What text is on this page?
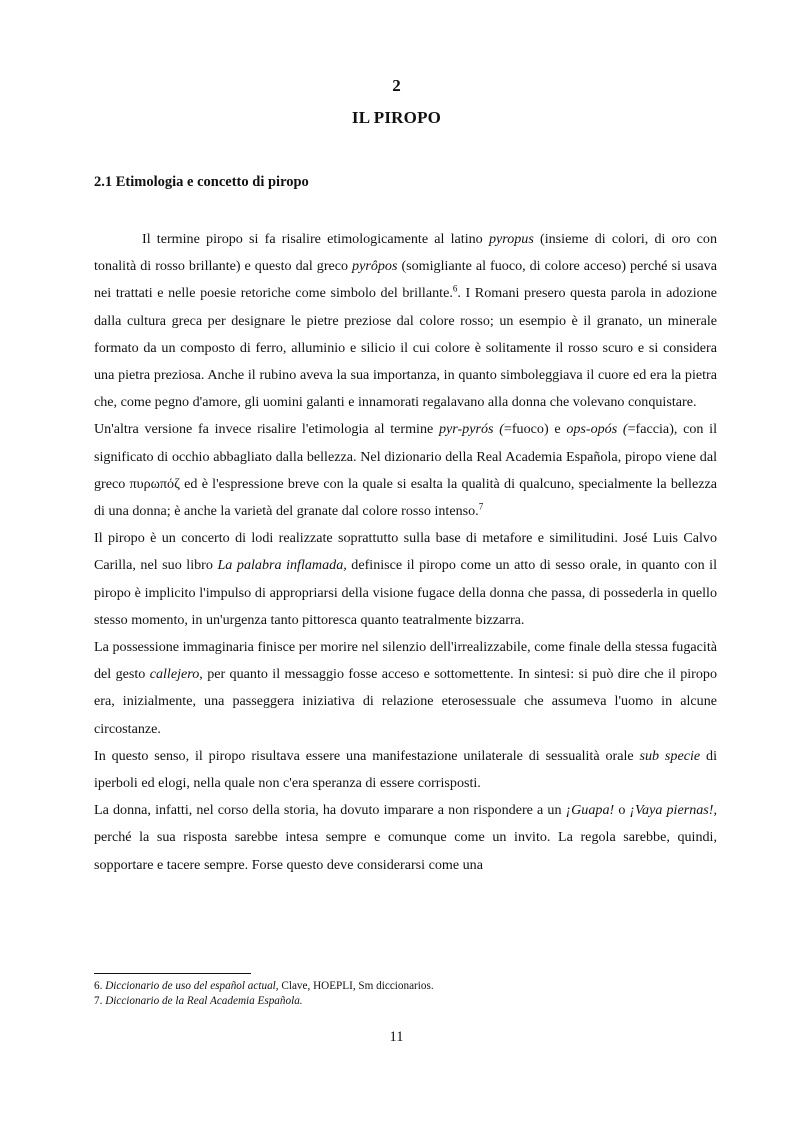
2
IL PIROPO
2.1 Etimologia e concetto di piropo

Il termine piropo si fa risalire etimologicamente al latino pyropus (insieme di colori, di oro con tonalità di rosso brillante) e questo dal greco pyrôpos (somigliante al fuoco, di colore acceso) perché si usava nei trattati e nelle poesie retoriche come simbolo del brillante.$^6$. I Romani presero questa parola in adozione dalla cultura greca per designare le pietre preziose dal colore rosso; un esempio è il granato, un minerale formato da un composto di ferro, alluminio e silicio il cui colore è solitamente il rosso scuro e si considera una pietra preziosa. Anche il rubino aveva la sua importanza, in quanto simboleggiava il cuore ed era la pietra che, come pegno d'amore, gli uomini galanti e innamorati regalavano alla donna che volevano conquistare.

Un'altra versione fa invece risalire l'etimologia al termine pyr-pyrós (=fuoco) e ops-opós (=faccia), con il significato di occhio abbagliato dalla bellezza. Nel dizionario della Real Academia Española, piropo viene dal greco πυρωπόζ ed è l'espressione breve con la quale si esalta la qualità di qualcuno, specialmente la bellezza di una donna; è anche la varietà del granate dal colore rosso intenso.$^7$

Il piropo è un concerto di lodi realizzate soprattutto sulla base di metafore e similitudini. José Luis Calvo Carilla, nel suo libro La palabra inflamada, definisce il piropo come un atto di sesso orale, in quanto con il piropo è implicito l'impulso di appropriarsi della visione fugace della donna che passa, di possederla in quello stesso momento, in un'urgenza tanto pittoresca quanto teatralmente bizzarra.

La possessione immaginaria finisce per morire nel silenzio dell'irrealizzabile, come finale della stessa fugacità del gesto callejero, per quanto il messaggio fosse acceso e sottomettente. In sintesi: si può dire che il piropo era, inizialmente, una passeggera iniziativa di relazione eterosessuale che assumeva l'uomo in alcune circostanze.

In questo senso, il piropo risultava essere una manifestazione unilaterale di sessualità orale sub specie di iperboli ed elogi, nella quale non c'era speranza di essere corrisposti.

La donna, infatti, nel corso della storia, ha dovuto imparare a non rispondere a un ¡Guapa! o ¡Vaya piernas!, perché la sua risposta sarebbe intesa sempre e comunque come un invito. La regola sarebbe, quindi, sopportare e tacere sempre. Forse questo deve considerarsi come una

6. Diccionario de uso del español actual, Clave, HOEPLI, Sm diccionarios.

7. Diccionario de la Real Academia Española.

11
